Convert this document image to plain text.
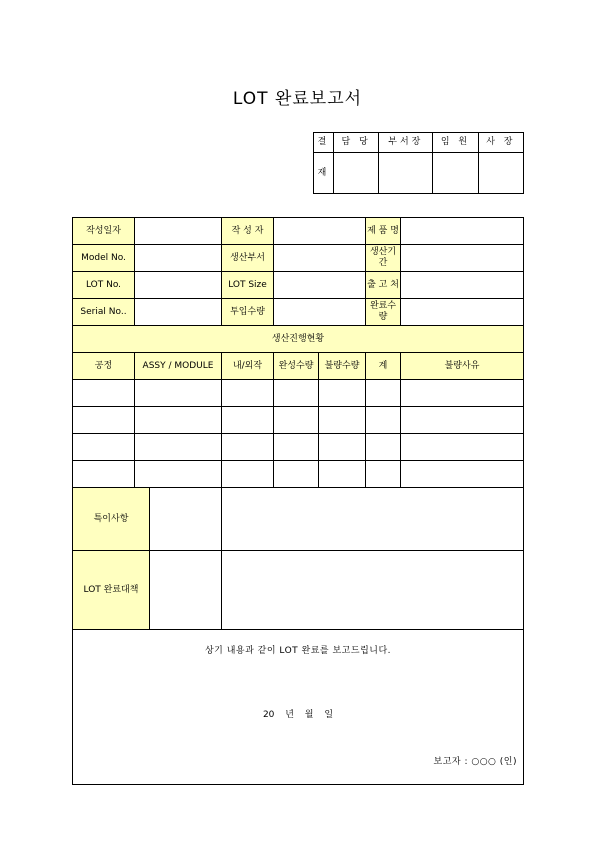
LOT 완료보고서
결	담 당	부서장	임 원	사 장
재				
작성일자		작 성 자			제 품 명	
Model No.		생산부서			생산기간	
LOT No.		LOT Size			출 고 처	
Serial No..		투입수량			완료수량	
생산진행현황						
공정	ASSY / MODULE	내/외작	완성수량	불량수량	계	불량사유

특이사항						

LOT 완료대책						

상기 내용과 같이 LOT 완료를 보고드립니다.
20 년 월 일
보고자 : ○○○ (인)						
